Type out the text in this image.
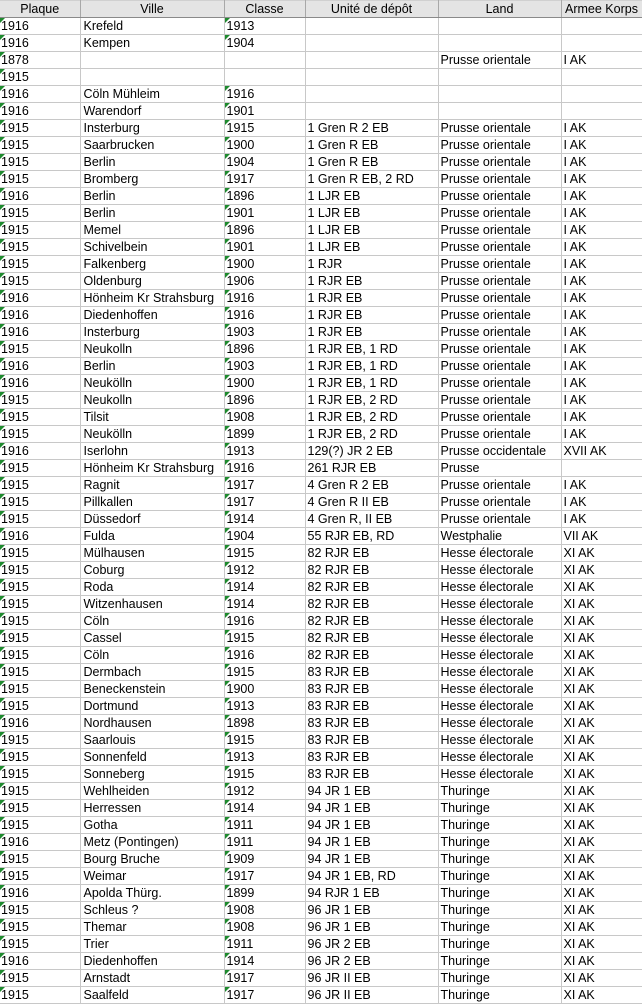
Plaque	Ville	Classe	Unité de dépôt	Land	Armee Korps
1916	Krefeld	1913			
1916	Kempen	1904			
1878				Prusse orientale	I AK
1915					
1916	Cöln Mühleim	1916			
1916	Warendorf	1901			
1915	Insterburg	1915	1 Gren R 2 EB	Prusse orientale	I AK
1915	Saarbrucken	1900	1 Gren R EB	Prusse orientale	I AK
1915	Berlin	1904	1 Gren R EB	Prusse orientale	I AK
1915	Bromberg	1917	1 Gren R EB, 2 RD	Prusse orientale	I AK
1916	Berlin	1896	1 LJR EB	Prusse orientale	I AK
1915	Berlin	1901	1 LJR EB	Prusse orientale	I AK
1915	Memel	1896	1 LJR EB	Prusse orientale	I AK
1915	Schivelbein	1901	1 LJR EB	Prusse orientale	I AK
1915	Falkenberg	1900	1 RJR	Prusse orientale	I AK
1915	Oldenburg	1906	1 RJR EB	Prusse orientale	I AK
1916	Hönheim Kr Strahsburg	1916	1 RJR EB	Prusse orientale	I AK
1916	Diedenhoffen	1916	1 RJR EB	Prusse orientale	I AK
1916	Insterburg	1903	1 RJR EB	Prusse orientale	I AK
1915	Neukolln	1896	1 RJR EB, 1 RD	Prusse orientale	I AK
1916	Berlin	1903	1 RJR EB, 1 RD	Prusse orientale	I AK
1916	Neukölln	1900	1 RJR EB, 1 RD	Prusse orientale	I AK
1915	Neukolln	1896	1 RJR EB, 2 RD	Prusse orientale	I AK
1915	Tilsit	1908	1 RJR EB, 2 RD	Prusse orientale	I AK
1915	Neukölln	1899	1 RJR EB, 2 RD	Prusse orientale	I AK
1916	Iserlohn	1913	129(?) JR 2 EB	Prusse occidentale	XVII AK
1915	Hönheim Kr Strahsburg	1916	261 RJR EB	Prusse	
1915	Ragnit	1917	4 Gren R 2 EB	Prusse orientale	I AK
1915	Pillkallen	1917	4 Gren R II EB	Prusse orientale	I AK
1915	Düssedorf	1914	4 Gren R, II EB	Prusse orientale	I AK
1916	Fulda	1904	55 RJR EB, RD	Westphalie	VII AK
1915	Mülhausen	1915	82 RJR EB	Hesse électorale	XI AK
1915	Coburg	1912	82 RJR EB	Hesse électorale	XI AK
1915	Roda	1914	82 RJR EB	Hesse électorale	XI AK
1915	Witzenhausen	1914	82 RJR EB	Hesse électorale	XI AK
1915	Cöln	1916	82 RJR EB	Hesse électorale	XI AK
1915	Cassel	1915	82 RJR EB	Hesse électorale	XI AK
1915	Cöln	1916	82 RJR EB	Hesse électorale	XI AK
1915	Dermbach	1915	83 RJR EB	Hesse électorale	XI AK
1915	Beneckenstein	1900	83 RJR EB	Hesse électorale	XI AK
1915	Dortmund	1913	83 RJR EB	Hesse électorale	XI AK
1916	Nordhausen	1898	83 RJR EB	Hesse électorale	XI AK
1915	Saarlouis	1915	83 RJR EB	Hesse électorale	XI AK
1915	Sonnenfeld	1913	83 RJR EB	Hesse électorale	XI AK
1915	Sonneberg	1915	83 RJR EB	Hesse électorale	XI AK
1915	Wehlheiden	1912	94 JR 1 EB	Thuringe	XI AK
1915	Herressen	1914	94 JR 1 EB	Thuringe	XI AK
1915	Gotha	1911	94 JR 1 EB	Thuringe	XI AK
1916	Metz (Pontingen)	1911	94 JR 1 EB	Thuringe	XI AK
1915	Bourg Bruche	1909	94 JR 1 EB	Thuringe	XI AK
1915	Weimar	1917	94 JR 1 EB, RD	Thuringe	XI AK
1916	Apolda Thürg.	1899	94 RJR 1 EB	Thuringe	XI AK
1915	Schleus ?	1908	96 JR 1 EB	Thuringe	XI AK
1915	Themar	1908	96 JR 1 EB	Thuringe	XI AK
1915	Trier	1911	96 JR 2 EB	Thuringe	XI AK
1916	Diedenhoffen	1914	96 JR 2 EB	Thuringe	XI AK
1915	Arnstadt	1917	96 JR II EB	Thuringe	XI AK
1915	Saalfeld	1917	96 JR II EB	Thuringe	XI AK
